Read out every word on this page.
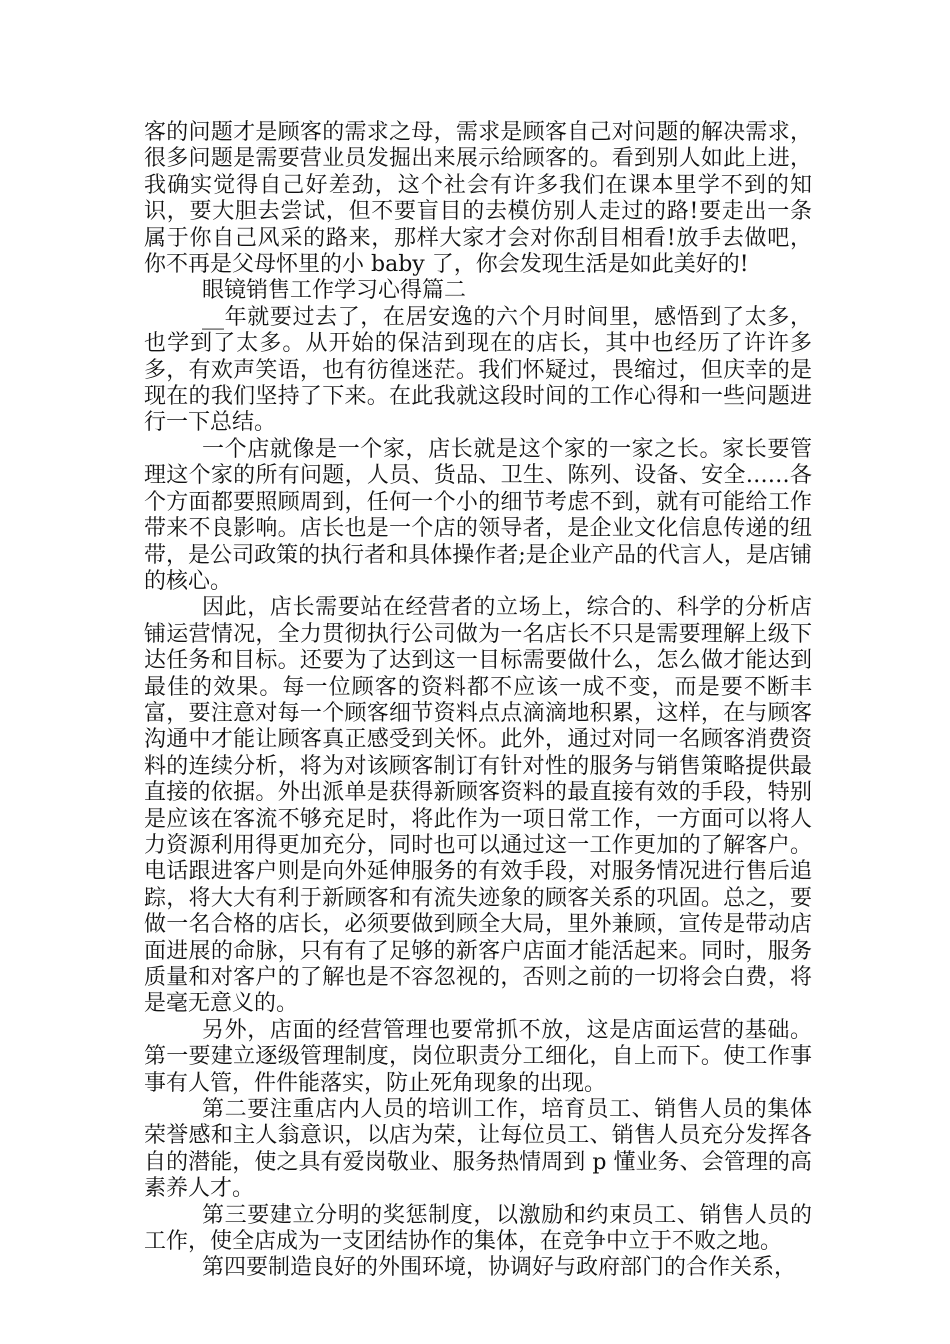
客的问题才是顾客的需求之母，需求是顾客自己对问题的解决需求，很多问题是需要营业员发掘出来展示给顾客的。看到别人如此上进，我确实觉得自己好差劲，这个社会有许多我们在课本里学不到的知识，要大胆去尝试，但不要盲目的去模仿别人走过的路!要走出一条属于你自己风采的路来，那样大家才会对你刮目相看!放手去做吧，你不再是父母怀里的小 baby 了，你会发现生活是如此美好的!

眼镜销售工作学习心得篇二

__年就要过去了，在居安逸的六个月时间里，感悟到了太多，也学到了太多。从开始的保洁到现在的店长，其中也经历了许许多多，有欢声笑语，也有彷徨迷茫。我们怀疑过，畏缩过，但庆幸的是现在的我们坚持了下来。在此我就这段时间的工作心得和一些问题进行一下总结。

一个店就像是一个家，店长就是这个家的一家之长。家长要管理这个家的所有问题，人员、货品、卫生、陈列、设备、安全……各个方面都要照顾周到，任何一个小的细节考虑不到，就有可能给工作带来不良影响。店长也是一个店的领导者，是企业文化信息传递的纽带，是公司政策的执行者和具体操作者;是企业产品的代言人，是店铺的核心。

因此，店长需要站在经营者的立场上，综合的、科学的分析店铺运营情况，全力贯彻执行公司做为一名店长不只是需要理解上级下达任务和目标。还要为了达到这一目标需要做什么，怎么做才能达到最佳的效果。每一位顾客的资料都不应该一成不变，而是要不断丰富，要注意对每一个顾客细节资料点点滴滴地积累，这样，在与顾客沟通中才能让顾客真正感受到关怀。此外，通过对同一名顾客消费资料的连续分析，将为对该顾客制订有针对性的服务与销售策略提供最直接的依据。外出派单是获得新顾客资料的最直接有效的手段，特别是应该在客流不够充足时，将此作为一项日常工作，一方面可以将人力资源利用得更加充分，同时也可以通过这一工作更加的了解客户。电话跟进客户则是向外延伸服务的有效手段，对服务情况进行售后追踪，将大大有利于新顾客和有流失迹象的顾客关系的巩固。总之，要做一名合格的店长，必须要做到顾全大局，里外兼顾，宣传是带动店面进展的命脉，只有有了足够的新客户店面才能活起来。同时，服务质量和对客户的了解也是不容忽视的，否则之前的一切将会白费，将是毫无意义的。

另外，店面的经营管理也要常抓不放，这是店面运营的基础。第一要建立逐级管理制度，岗位职责分工细化，自上而下。使工作事事有人管，件件能落实，防止死角现象的出现。

第二要注重店内人员的培训工作，培育员工、销售人员的集体荣誉感和主人翁意识，以店为荣，让每位员工、销售人员充分发挥各自的潜能，使之具有爱岗敬业、服务热情周到 p 懂业务、会管理的高素养人才。

第三要建立分明的奖惩制度，以激励和约束员工、销售人员的工作，使全店成为一支团结协作的集体，在竞争中立于不败之地。

第四要制造良好的外围环境，协调好与政府部门的合作关系，
